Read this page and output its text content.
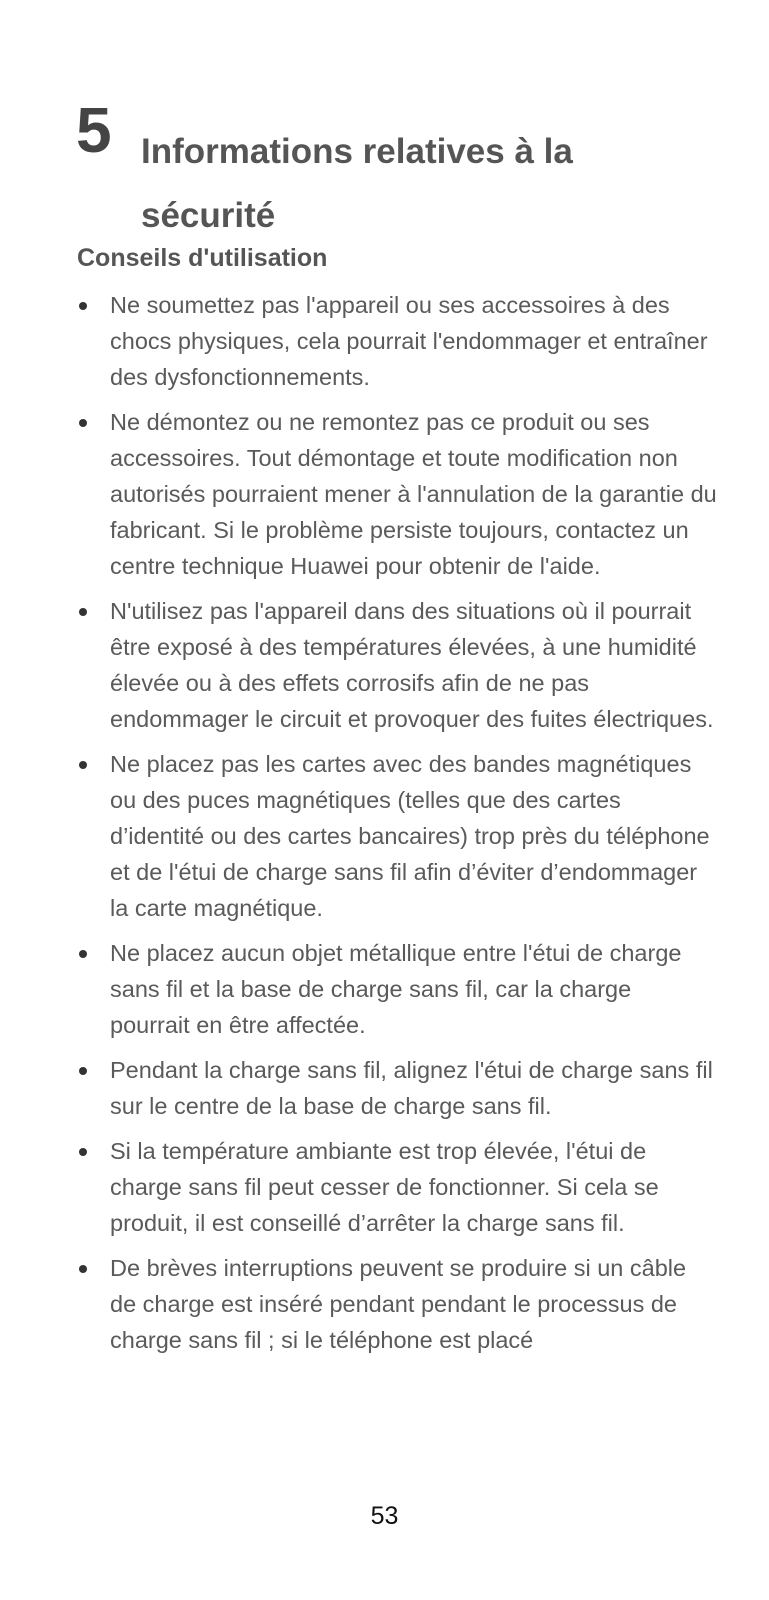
5 Informations relatives à la sécurité
Conseils d'utilisation
Ne soumettez pas l'appareil ou ses accessoires à des chocs physiques, cela pourrait l'endommager et entraîner des dysfonctionnements.
Ne démontez ou ne remontez pas ce produit ou ses accessoires. Tout démontage et toute modification non autorisés pourraient mener à l'annulation de la garantie du fabricant. Si le problème persiste toujours, contactez un centre technique Huawei pour obtenir de l'aide.
N'utilisez pas l'appareil dans des situations où il pourrait être exposé à des températures élevées, à une humidité élevée ou à des effets corrosifs afin de ne pas endommager le circuit et provoquer des fuites électriques.
Ne placez pas les cartes avec des bandes magnétiques ou des puces magnétiques (telles que des cartes d’identité ou des cartes bancaires) trop près du téléphone et de l'étui de charge sans fil afin d’éviter d’endommager la carte magnétique.
Ne placez aucun objet métallique entre l'étui de charge sans fil et la base de charge sans fil, car la charge pourrait en être affectée.
Pendant la charge sans fil, alignez l'étui de charge sans fil sur le centre de la base de charge sans fil.
Si la température ambiante est trop élevée, l'étui de charge sans fil peut cesser de fonctionner. Si cela se produit, il est conseillé d’arrêter la charge sans fil.
De brèves interruptions peuvent se produire si un câble de charge est inséré pendant pendant le processus de charge sans fil ; si le téléphone est placé
53
